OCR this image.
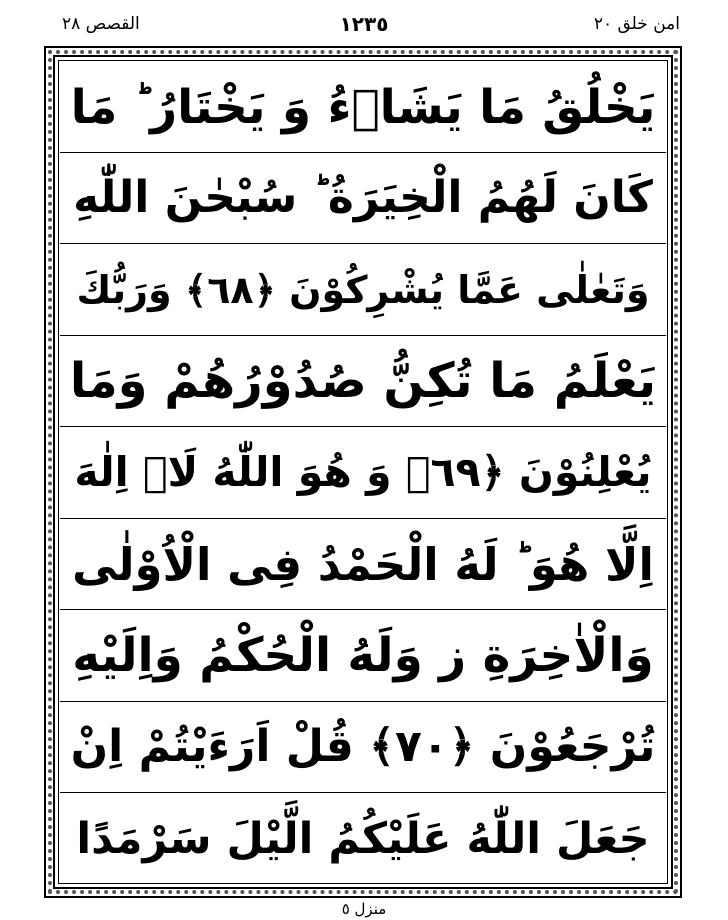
القصص ٢٨	١٢٣٥	امن خلق ٢٠
يَخْلُقُ مَا يَشَاۤءُ وَ يَخْتَارُ ؕ مَا
كَانَ لَهُمُ الْخِيَرَةُ ؕ سُبْحٰنَ اللّٰهِ
وَتَعٰلٰى عَمَّا يُشْرِكُوْنَ ﴿٦٨﴾ وَرَبُّكَ
يَعْلَمُ مَا تُكِنُّ صُدُوْرُهُمْ وَمَا
يُعْلِنُوْنَ ﴿٦٩﴾ وَ هُوَ اللّٰهُ لَاۤ اِلٰهَ
اِلَّا هُوَ ؕ لَهُ الْحَمْدُ فِى الْاُوْلٰى
وَالْاٰخِرَةِ ز وَلَهُ الْحُكْمُ وَاِلَيْهِ
تُرْجَعُوْنَ ﴿٧٠﴾ قُلْ اَرَءَيْتُمْ اِنْ
جَعَلَ اللّٰهُ عَلَيْكُمُ الَّيْلَ سَرْمَدًا
منزل ٥
